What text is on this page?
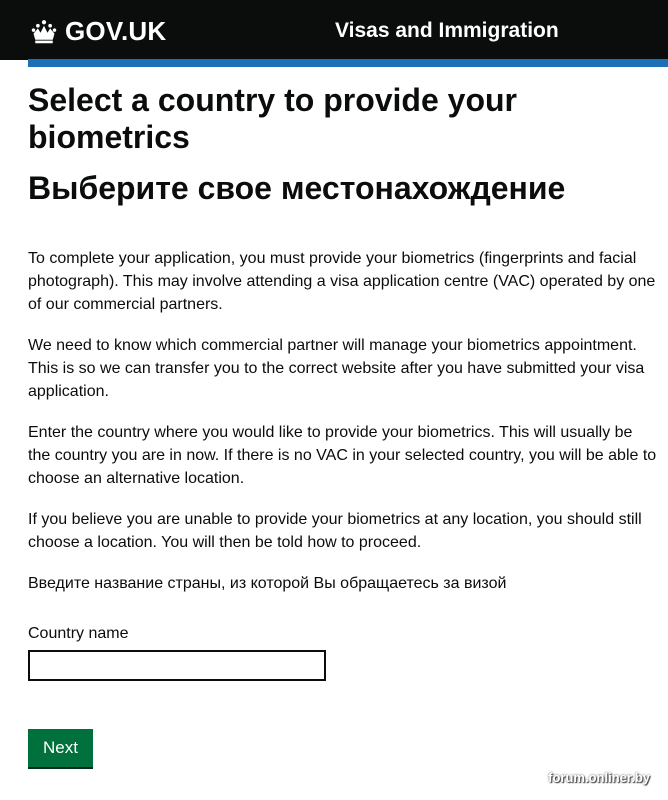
GOV.UK	Visas and Immigration
Select a country to provide your biometrics
Выберите свое местонахождение

To complete your application, you must provide your biometrics (fingerprints and facial photograph). This may involve attending a visa application centre (VAC) operated by one of our commercial partners.

We need to know which commercial partner will manage your biometrics appointment. This is so we can transfer you to the correct website after you have submitted your visa application.

Enter the country where you would like to provide your biometrics. This will usually be the country you are in now. If there is no VAC in your selected country, you will be able to choose an alternative location.

If you believe you are unable to provide your biometrics at any location, you should still choose a location. You will then be told how to proceed.

Введите название страны, из которой Вы обращаетесь за визой

Country name
Next
forum.onliner.by
